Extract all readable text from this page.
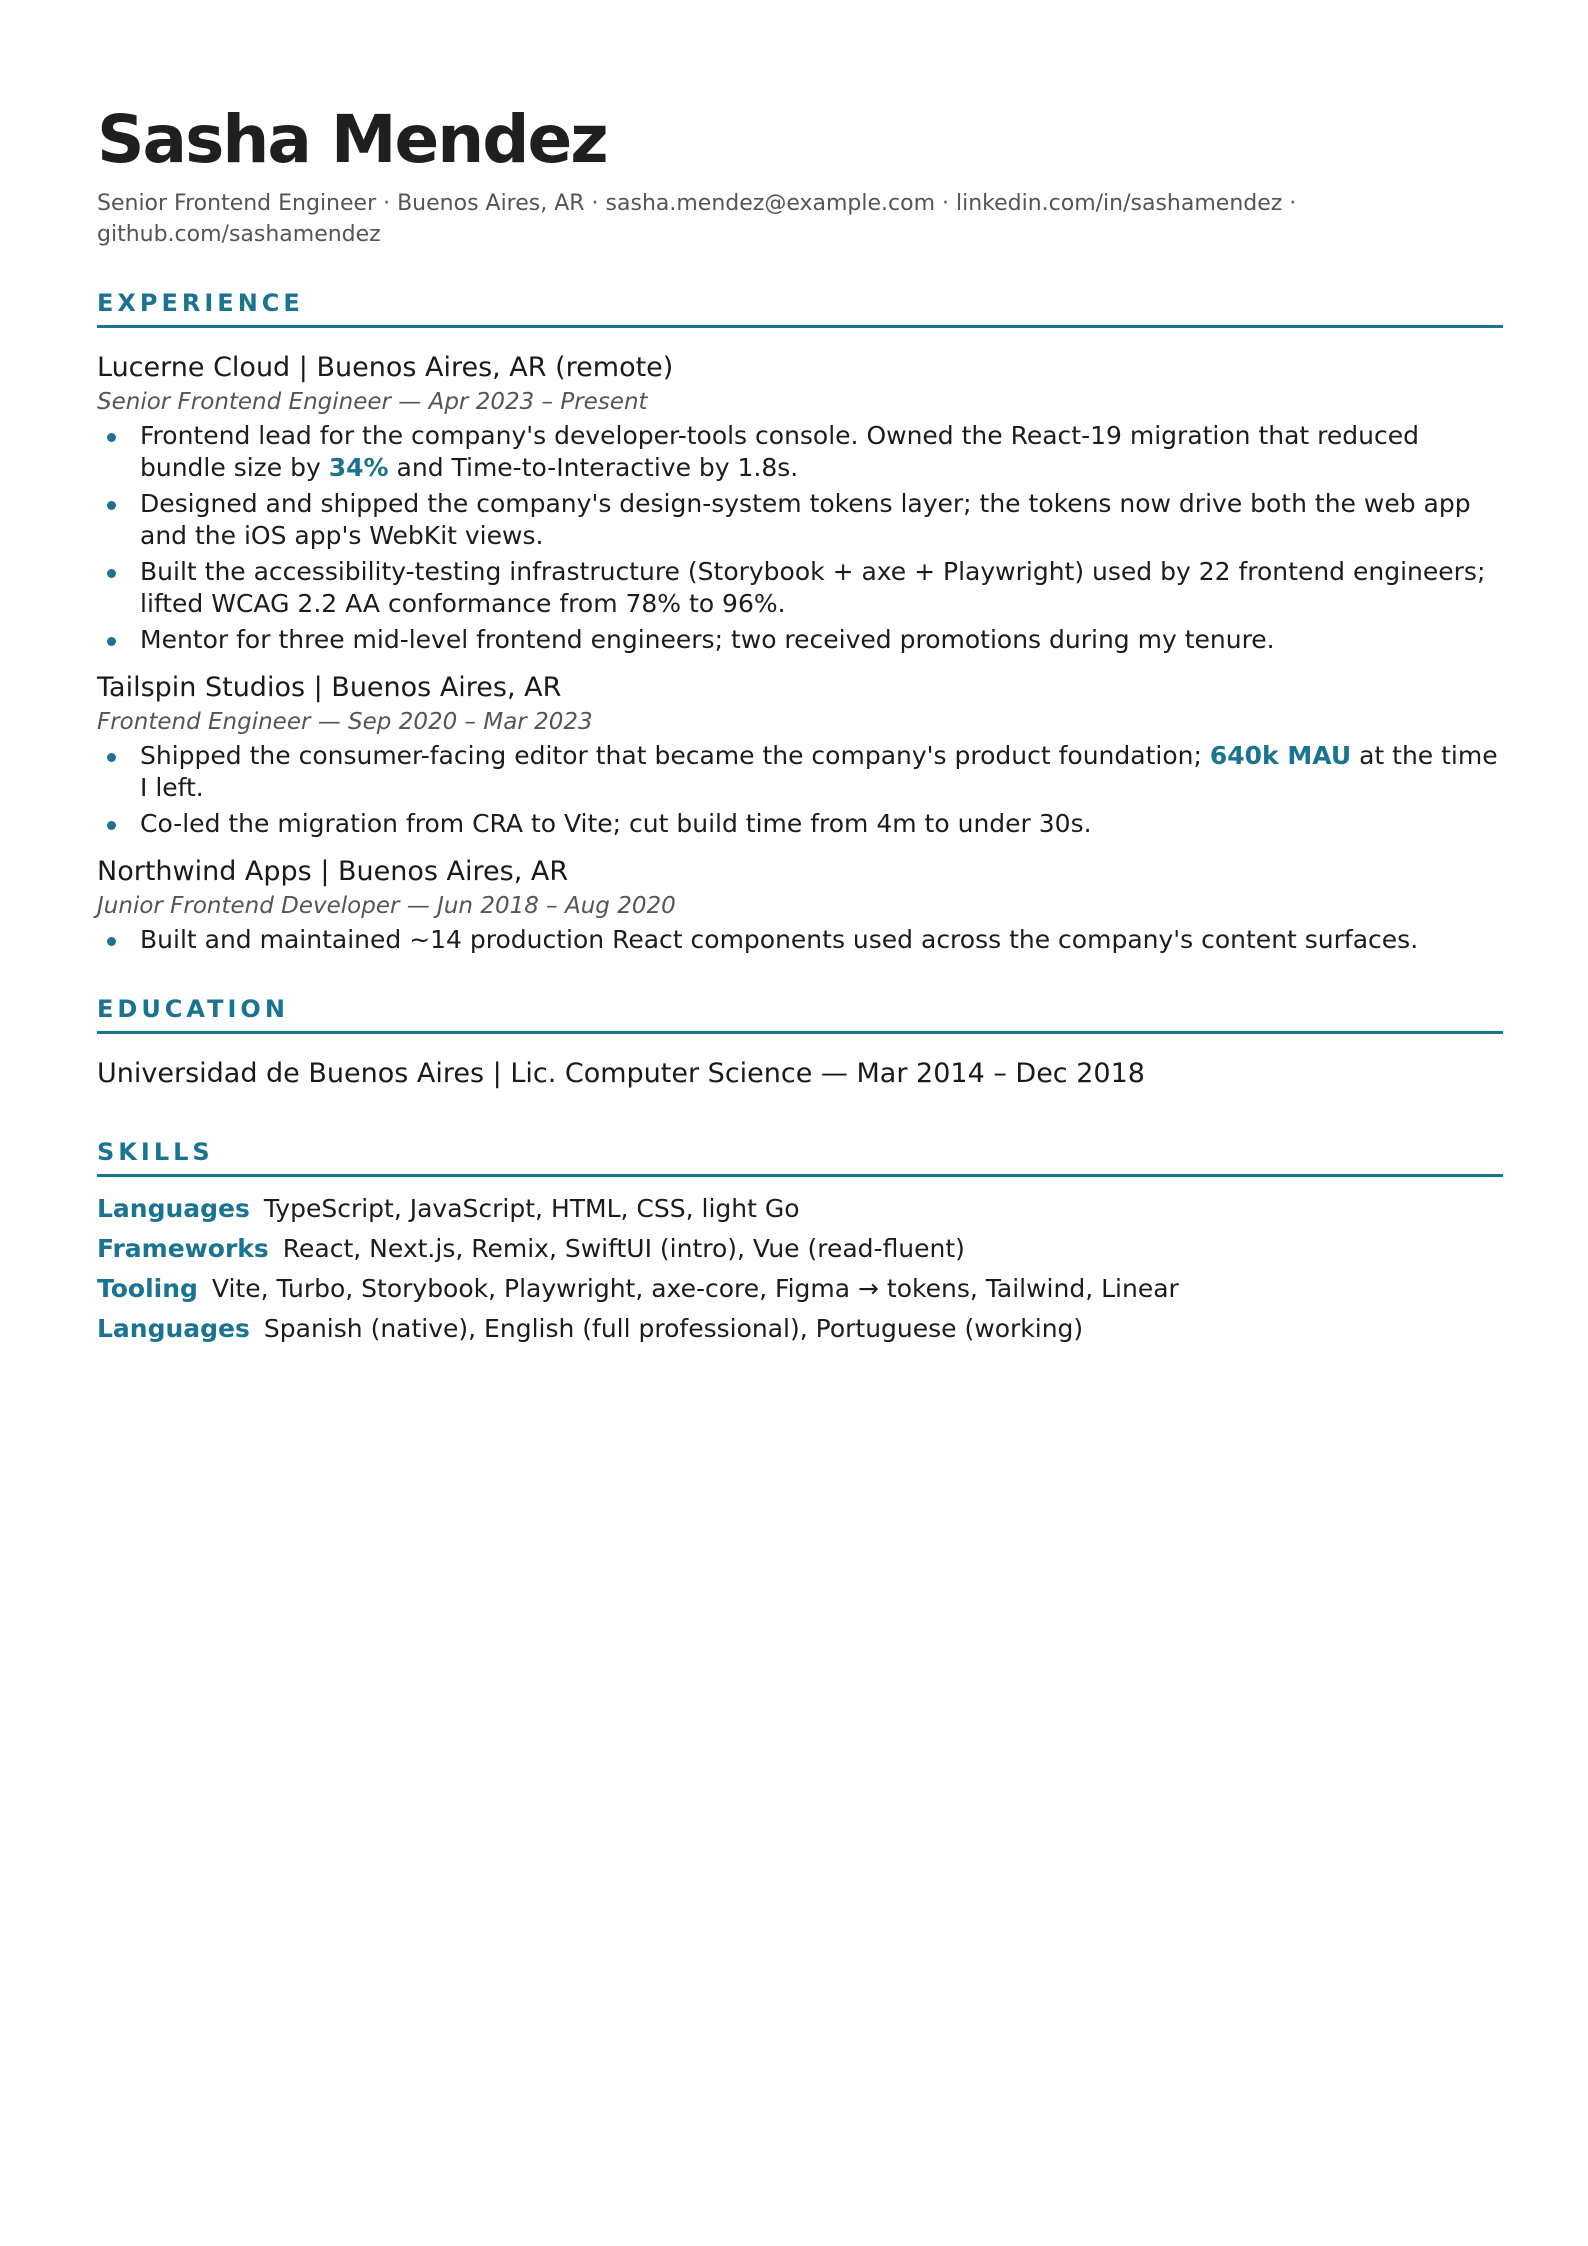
Sasha Mendez
Senior Frontend Engineer · Buenos Aires, AR · sasha.mendez@example.com · linkedin.com/in/sashamendez · github.com/sashamendez
EXPERIENCE
Lucerne Cloud | Buenos Aires, AR (remote)
Senior Frontend Engineer — Apr 2023 – Present
Frontend lead for the company's developer-tools console. Owned the React-19 migration that reduced bundle size by 34% and Time-to-Interactive by 1.8s.
Designed and shipped the company's design-system tokens layer; the tokens now drive both the web app and the iOS app's WebKit views.
Built the accessibility-testing infrastructure (Storybook + axe + Playwright) used by 22 frontend engineers; lifted WCAG 2.2 AA conformance from 78% to 96%.
Mentor for three mid-level frontend engineers; two received promotions during my tenure.
Tailspin Studios | Buenos Aires, AR
Frontend Engineer — Sep 2020 – Mar 2023
Shipped the consumer-facing editor that became the company's product foundation; 640k MAU at the time I left.
Co-led the migration from CRA to Vite; cut build time from 4m to under 30s.
Northwind Apps | Buenos Aires, AR
Junior Frontend Developer — Jun 2018 – Aug 2020
Built and maintained ~14 production React components used across the company's content surfaces.
EDUCATION
Universidad de Buenos Aires | Lic. Computer Science — Mar 2014 – Dec 2018
SKILLS
Languages TypeScript, JavaScript, HTML, CSS, light Go
Frameworks React, Next.js, Remix, SwiftUI (intro), Vue (read-fluent)
Tooling Vite, Turbo, Storybook, Playwright, axe-core, Figma → tokens, Tailwind, Linear
Languages Spanish (native), English (full professional), Portuguese (working)
